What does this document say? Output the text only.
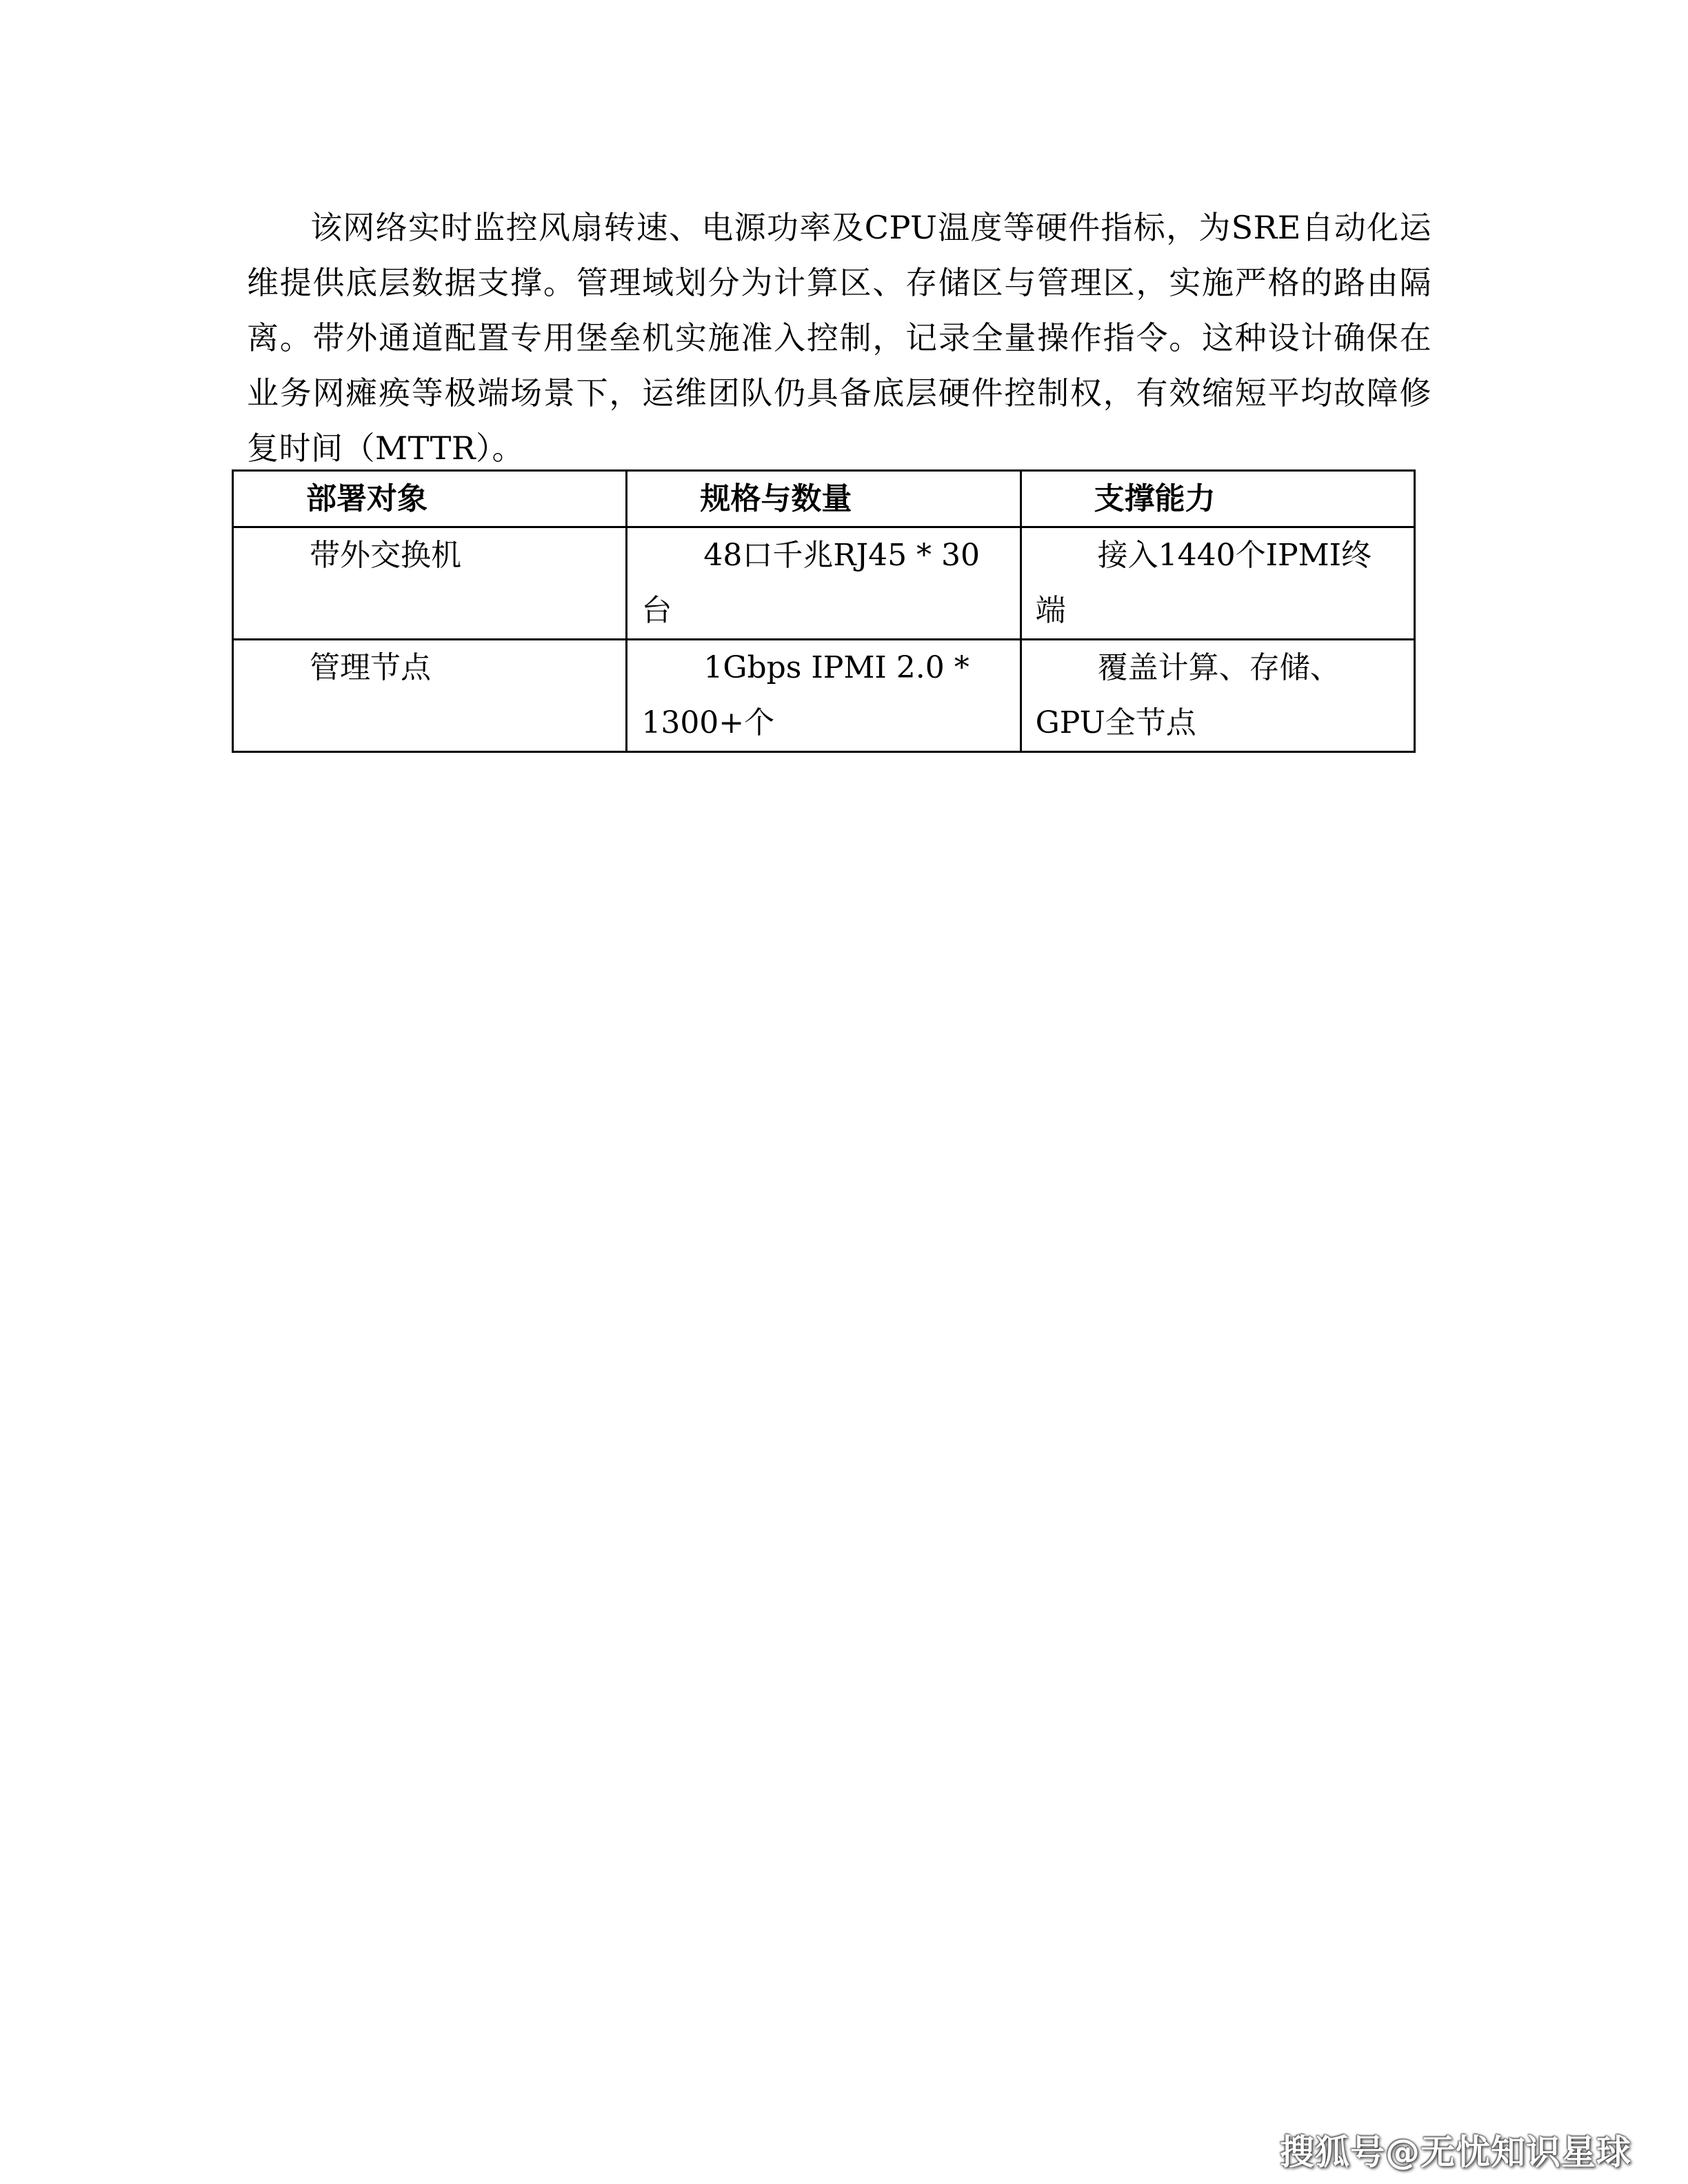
该网络实时监控风扇转速、电源功率及CPU温度等硬件指标，为SRE自动化运维提供底层数据支撑。管理域划分为计算区、存储区与管理区，实施严格的路由隔离。带外通道配置专用堡垒机实施准入控制，记录全量操作指令。这种设计确保在业务网瘫痪等极端场景下，运维团队仍具备底层硬件控制权，有效缩短平均故障修复时间（MTTR）。

部署对象	规格与数量	支撑能力
带外交换机	48口千兆RJ45 * 30台	接入1440个IPMI终端
管理节点	1Gbps IPMI 2.0 * 1300+个	覆盖计算、存储、GPU全节点
搜狐号@无忧知识星球
